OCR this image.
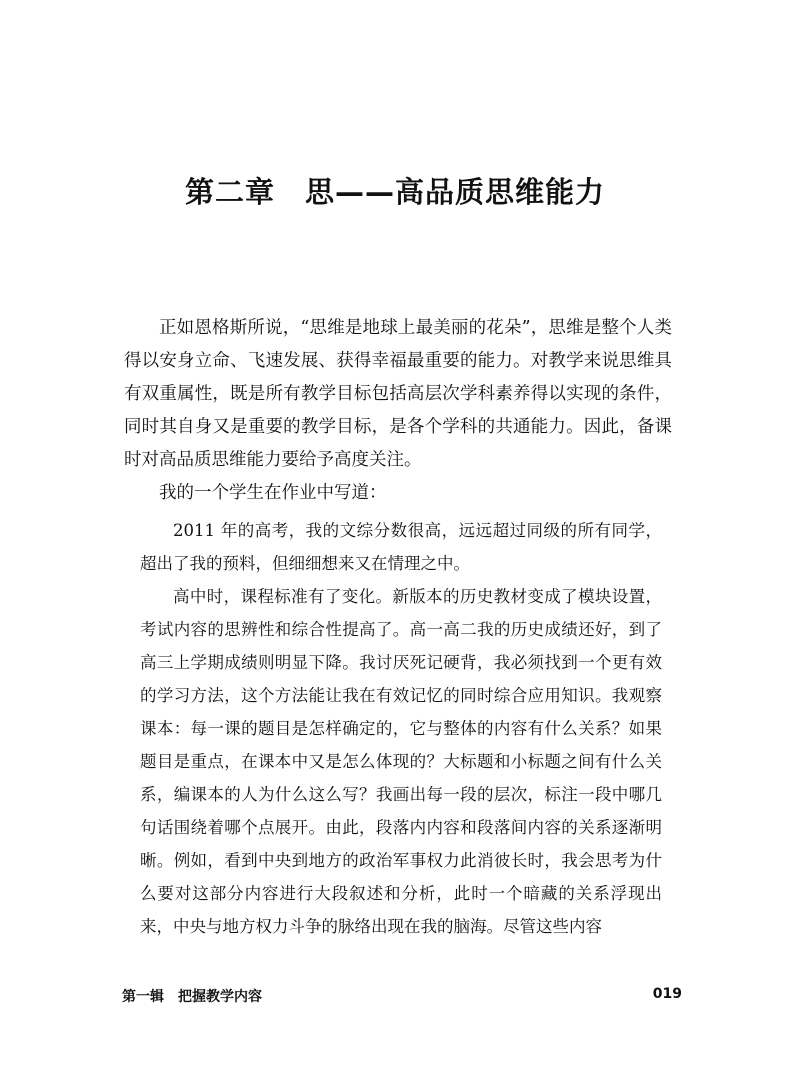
第二章　思——高品质思维能力

正如恩格斯所说，“思维是地球上最美丽的花朵”，思维是整个人类得以安身立命、飞速发展、获得幸福最重要的能力。对教学来说思维具有双重属性，既是所有教学目标包括高层次学科素养得以实现的条件，同时其自身又是重要的教学目标，是各个学科的共通能力。因此，备课时对高品质思维能力要给予高度关注。

我的一个学生在作业中写道：

2011 年的高考，我的文综分数很高，远远超过同级的所有同学，超出了我的预料，但细细想来又在情理之中。

高中时，课程标准有了变化。新版本的历史教材变成了模块设置，考试内容的思辨性和综合性提高了。高一高二我的历史成绩还好，到了高三上学期成绩则明显下降。我讨厌死记硬背，我必须找到一个更有效的学习方法，这个方法能让我在有效记忆的同时综合应用知识。我观察课本：每一课的题目是怎样确定的，它与整体的内容有什么关系？如果题目是重点，在课本中又是怎么体现的？大标题和小标题之间有什么关系，编课本的人为什么这么写？我画出每一段的层次，标注一段中哪几句话围绕着哪个点展开。由此，段落内内容和段落间内容的关系逐渐明晰。例如，看到中央到地方的政治军事权力此消彼长时，我会思考为什么要对这部分内容进行大段叙述和分析，此时一个暗藏的关系浮现出来，中央与地方权力斗争的脉络出现在我的脑海。尽管这些内容

第一辑　把握教学内容	019
